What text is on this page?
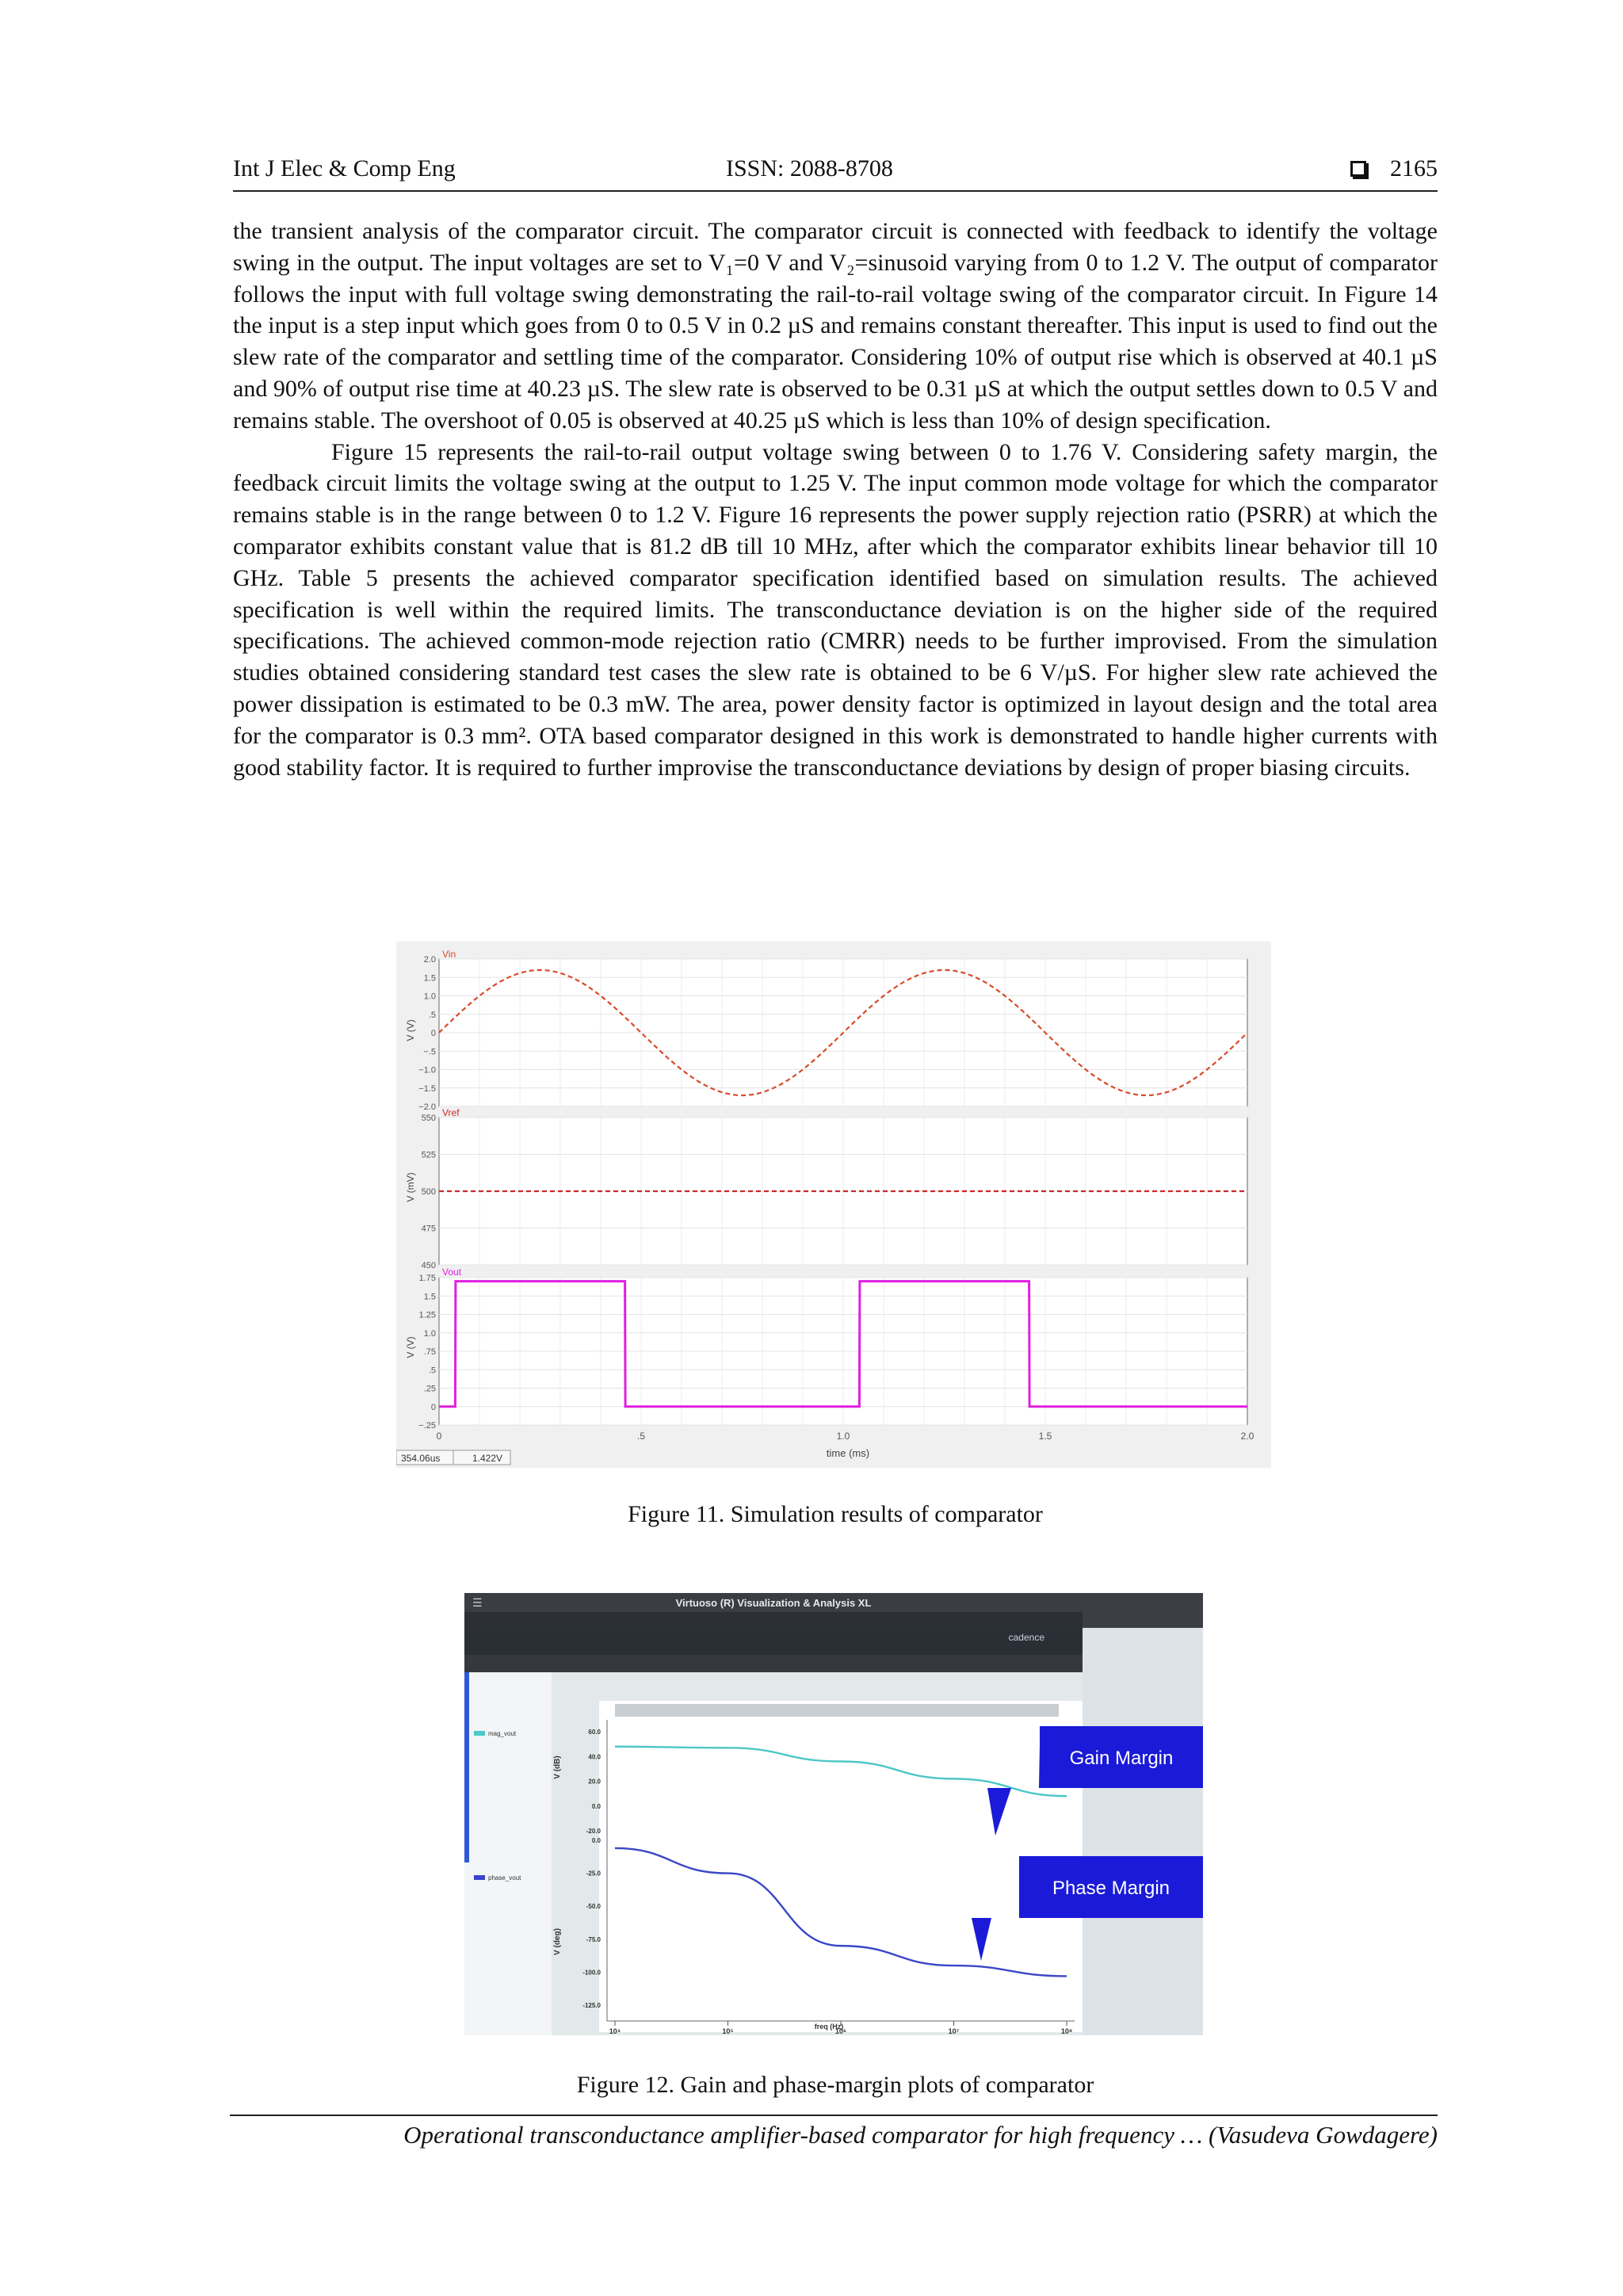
Int J Elec & Comp Eng	ISSN: 2088-8708	2165

the transient analysis of the comparator circuit. The comparator circuit is connected with feedback to identify the voltage swing in the output. The input voltages are set to V₁=0 V and V₂=sinusoid varying from 0 to 1.2 V. The output of comparator follows the input with full voltage swing demonstrating the rail-to-rail voltage swing of the comparator circuit. In Figure 14 the input is a step input which goes from 0 to 0.5 V in 0.2 µS and remains constant thereafter. This input is used to find out the slew rate of the comparator and settling time of the comparator. Considering 10% of output rise which is observed at 40.1 µS and 90% of output rise time at 40.23 µS. The slew rate is observed to be 0.31 µS at which the output settles down to 0.5 V and remains stable. The overshoot of 0.05 is observed at 40.25 µS which is less than 10% of design specification.

Figure 15 represents the rail-to-rail output voltage swing between 0 to 1.76 V. Considering safety margin, the feedback circuit limits the voltage swing at the output to 1.25 V. The input common mode voltage for which the comparator remains stable is in the range between 0 to 1.2 V. Figure 16 represents the power supply rejection ratio (PSRR) at which the comparator exhibits constant value that is 81.2 dB till 10 MHz, after which the comparator exhibits linear behavior till 10 GHz. Table 5 presents the achieved comparator specification identified based on simulation results. The achieved specification is well within the required limits. The transconductance deviation is on the higher side of the required specifications. The achieved common-mode rejection ratio (CMRR) needs to be further improvised. From the simulation studies obtained considering standard test cases the slew rate is obtained to be 6 V/µS. For higher slew rate achieved the power dissipation is estimated to be 0.3 mW. The area, power density factor is optimized in layout design and the total area for the comparator is 0.3 mm². OTA based comparator designed in this work is demonstrated to handle higher currents with good stability factor. It is required to further improvise the transconductance deviations by design of proper biasing circuits.

2.0
1.5
1.0
.5
0
−.5
−1.0
−1.5
−2.0
550
525
500
475
450
1.75
1.5
1.25
1.0
.75
.5
.25
0
−.25
0	.5	1.0	1.5	2.0
time (ms)
V (V)
V (mV)
V (V)
Vin
Vref
Vout
354.06us	1.422V
Figure 11. Simulation results of comparator
Virtuoso (R) Visualization & Analysis XL
☰
cadence
mag_vout
phase_vout
60.0
40.0
20.0
0.0
-20.0
0.0
-25.0
-50.0
-75.0
-100.0
-125.0
10⁴	10⁵	10⁶	10⁷	10⁸
V (dB)
V (deg)
freq (Hz)
Gain Margin
Phase Margin
Figure 12. Gain and phase-margin plots of comparator
Operational transconductance amplifier-based comparator for high frequency … (Vasudeva Gowdagere)
